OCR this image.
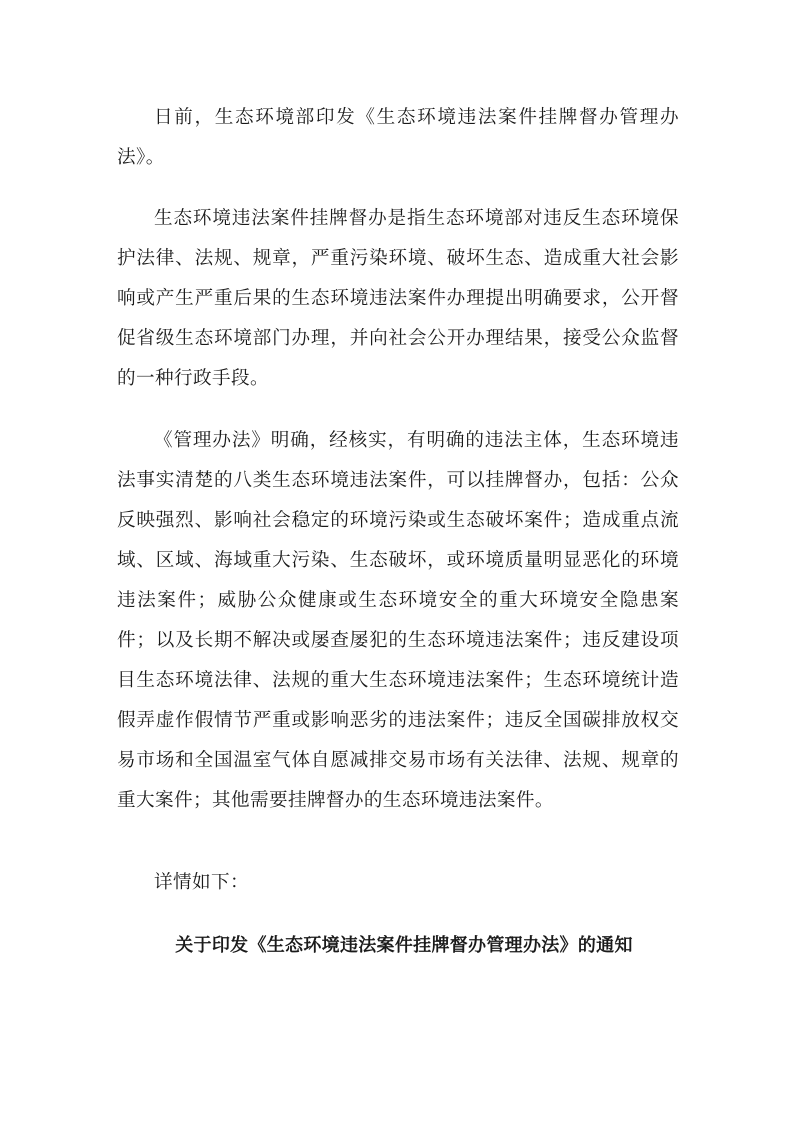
日前，生态环境部印发《生态环境违法案件挂牌督办管理办法》。

生态环境违法案件挂牌督办是指生态环境部对违反生态环境保护法律、法规、规章，严重污染环境、破坏生态、造成重大社会影响或产生严重后果的生态环境违法案件办理提出明确要求，公开督促省级生态环境部门办理，并向社会公开办理结果，接受公众监督的一种行政手段。

《管理办法》明确，经核实，有明确的违法主体，生态环境违法事实清楚的八类生态环境违法案件，可以挂牌督办，包括：公众反映强烈、影响社会稳定的环境污染或生态破坏案件；造成重点流域、区域、海域重大污染、生态破坏，或环境质量明显恶化的环境违法案件；威胁公众健康或生态环境安全的重大环境安全隐患案件；以及长期不解决或屡查屡犯的生态环境违法案件；违反建设项目生态环境法律、法规的重大生态环境违法案件；生态环境统计造假弄虚作假情节严重或影响恶劣的违法案件；违反全国碳排放权交易市场和全国温室气体自愿减排交易市场有关法律、法规、规章的重大案件；其他需要挂牌督办的生态环境违法案件。

详情如下：

关于印发《生态环境违法案件挂牌督办管理办法》的通知
